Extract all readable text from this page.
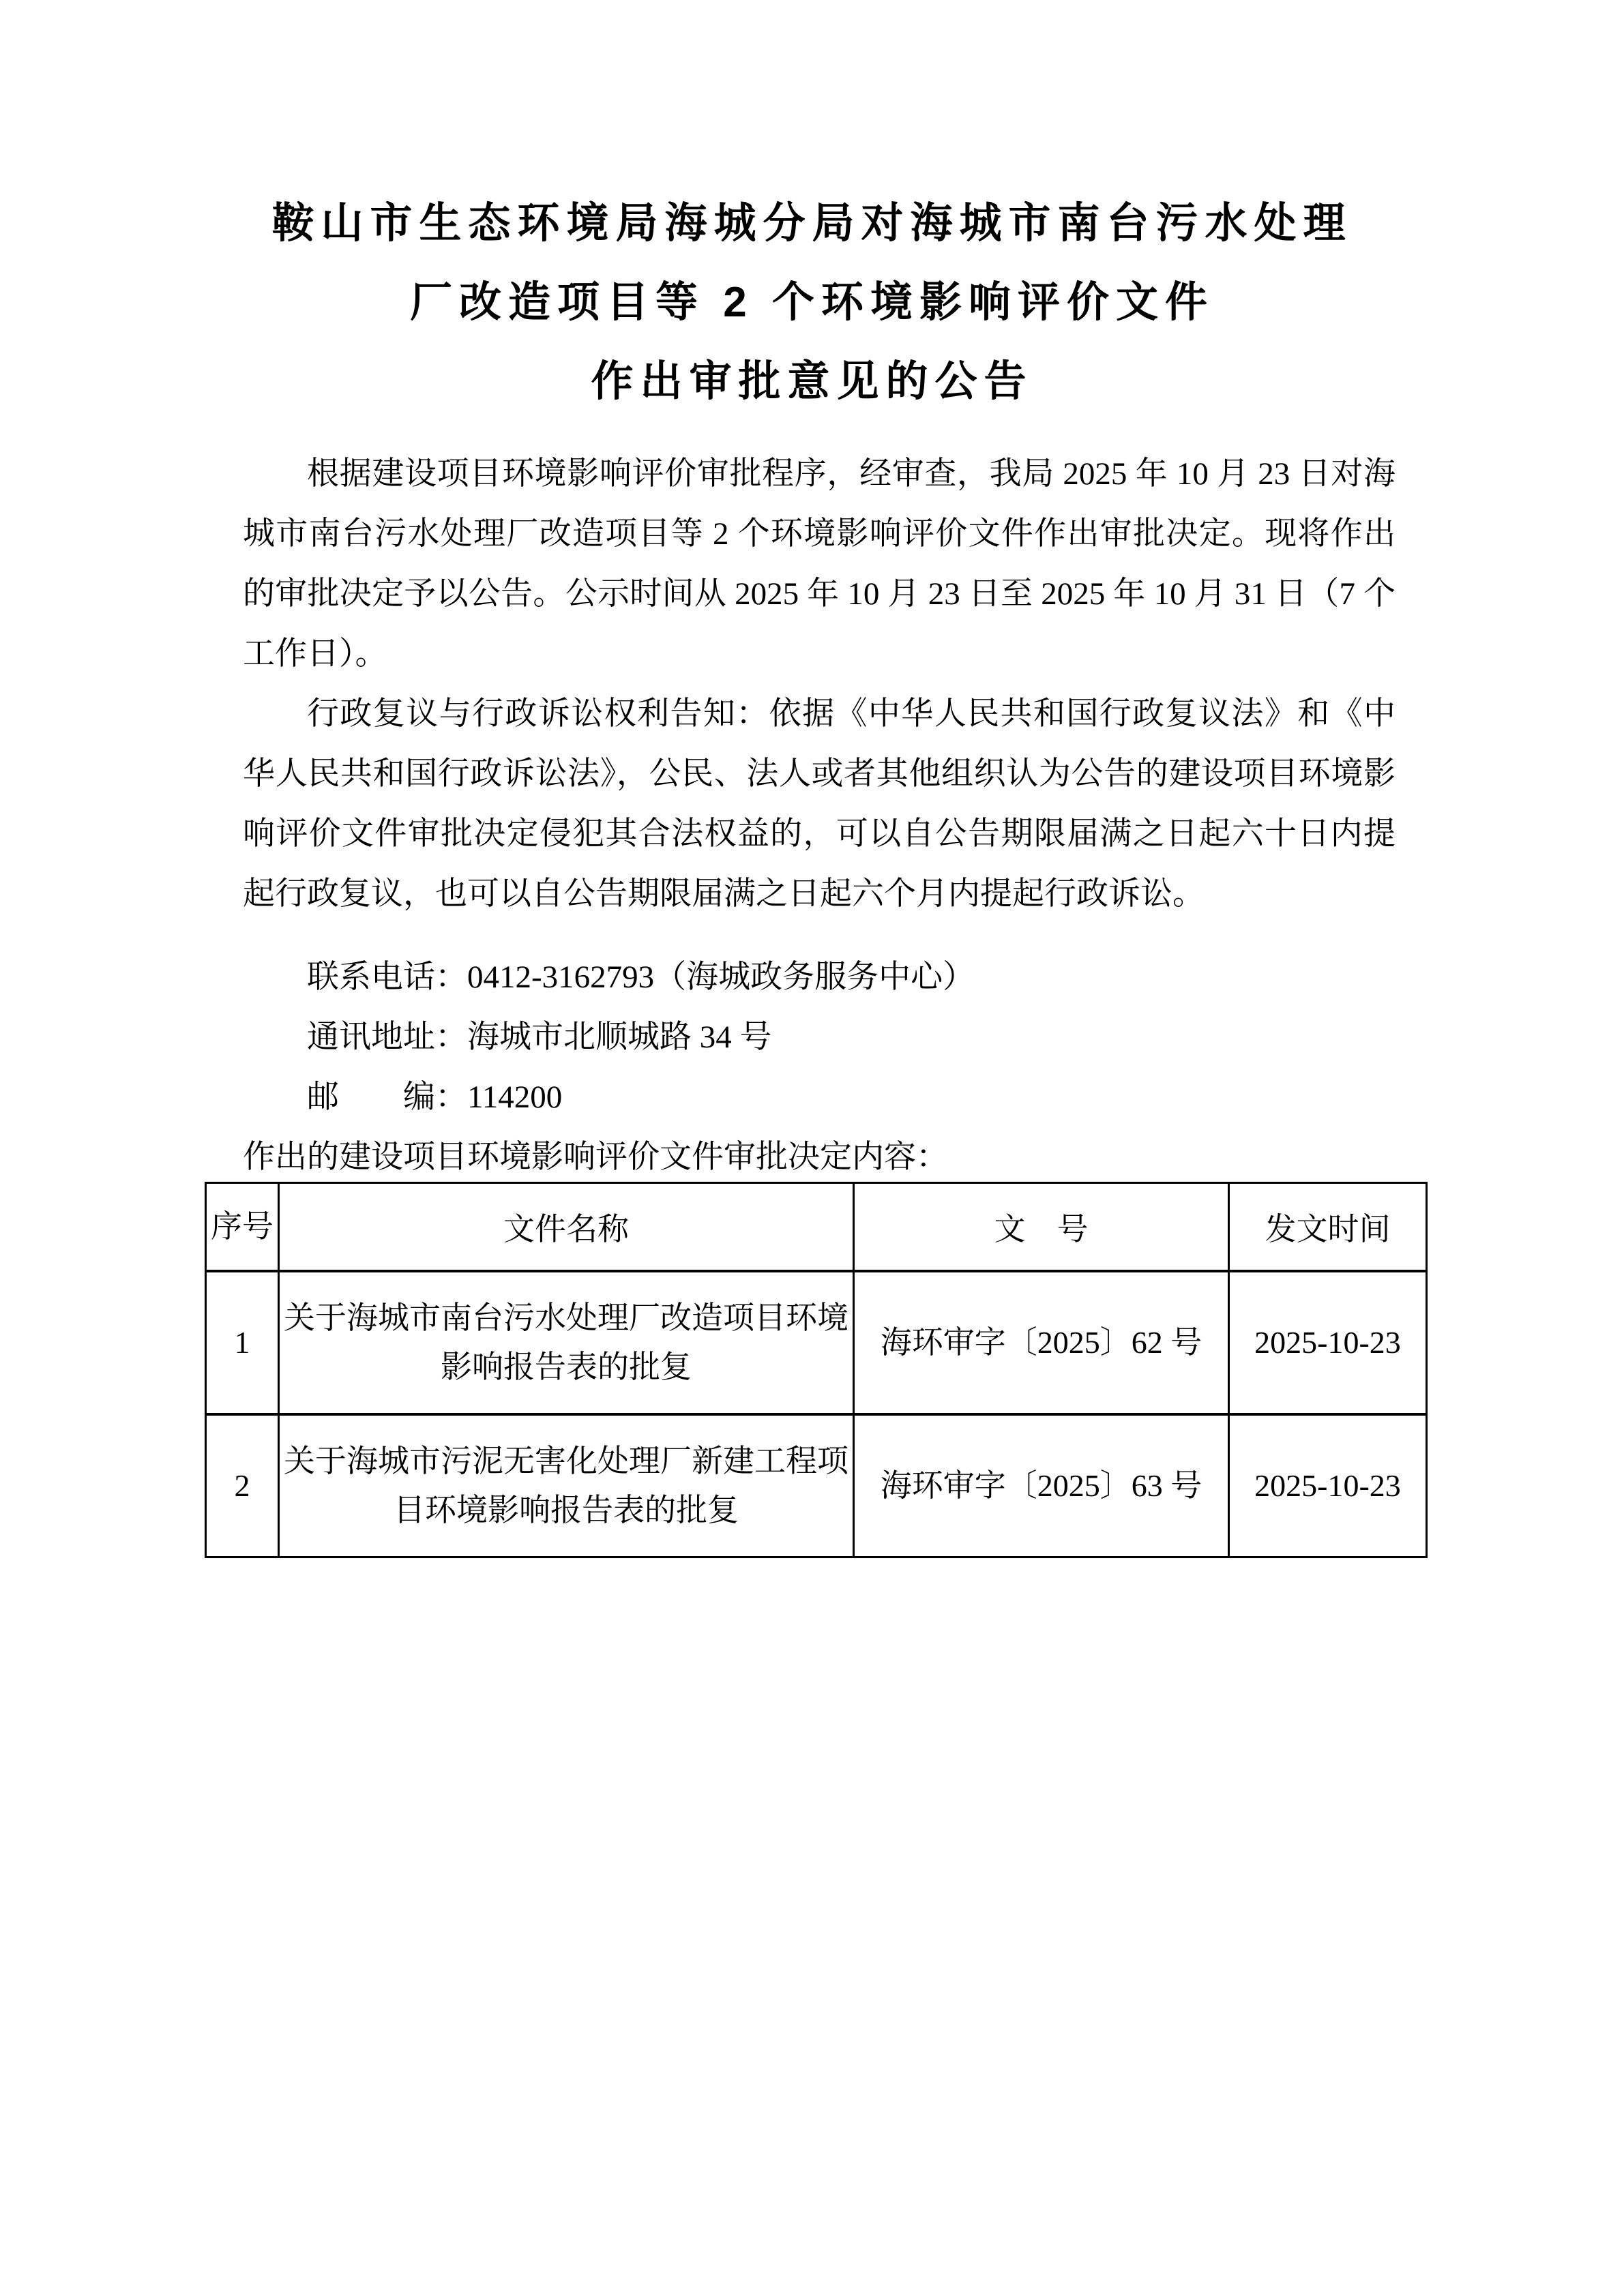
鞍山市生态环境局海城分局对海城市南台污水处理
厂改造项目等 2 个环境影响评价文件
作出审批意见的公告

根据建设项目环境影响评价审批程序，经审查，我局 2025 年 10 月 23 日对海城市南台污水处理厂改造项目等 2 个环境影响评价文件作出审批决定。现将作出的审批决定予以公告。公示时间从 2025 年 10 月 23 日至 2025 年 10 月 31 日（7 个工作日）。

行政复议与行政诉讼权利告知：依据《中华人民共和国行政复议法》和《中华人民共和国行政诉讼法》，公民、法人或者其他组织认为公告的建设项目环境影响评价文件审批决定侵犯其合法权益的，可以自公告期限届满之日起六十日内提起行政复议，也可以自公告期限届满之日起六个月内提起行政诉讼。

联系电话：0412-3162793（海城政务服务中心）
通讯地址：海城市北顺城路 34 号
邮　　编：114200
作出的建设项目环境影响评价文件审批决定内容：
序号	文件名称	文　号	发文时间
1	关于海城市南台污水处理厂改造项目环境影响报告表的批复	海环审字〔2025〕62 号	2025-10-23
2	关于海城市污泥无害化处理厂新建工程项目环境影响报告表的批复	海环审字〔2025〕63 号	2025-10-23
